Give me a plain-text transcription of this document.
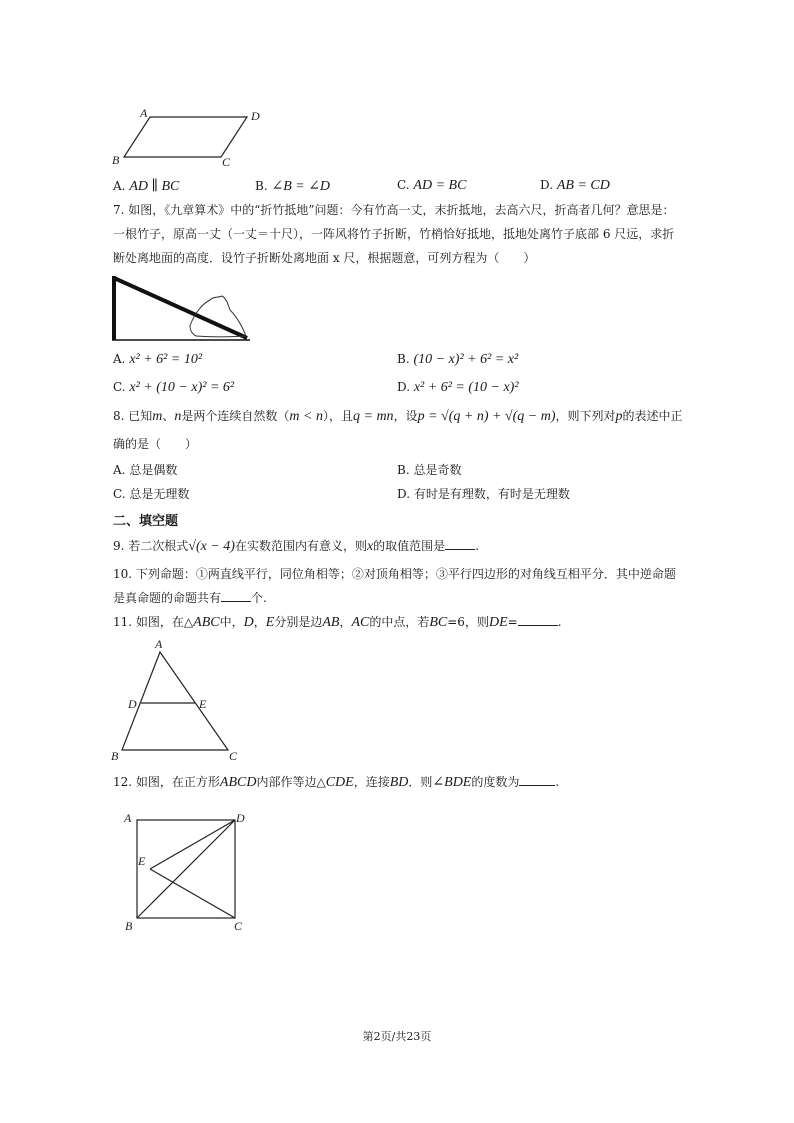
A	D
B	C
A. AD ∥ BC	B. ∠B = ∠D	C. AD = BC	D. AB = CD
7. 如图，《九章算术》中的“折竹抵地”问题：今有竹高一丈，末折抵地，去高六尺，折高者几何？意思是：
一根竹子，原高一丈（一丈＝十尺），一阵风将竹子折断，竹梢恰好抵地，抵地处离竹子底部 6 尺远，求折
断处离地面的高度．设竹子折断处离地面 x 尺，根据题意，可列方程为（　　）
A. x² + 6² = 10²	B. (10 − x)² + 6² = x²
C. x² + (10 − x)² = 6²	D. x² + 6² = (10 − x)²
8. 已知m、n是两个连续自然数（m < n），且q = mn，设p = √(q + n) + √(q − m)，则下列对p的表述中正
确的是（　　）
A. 总是偶数	B. 总是奇数
C. 总是无理数	D. 有时是有理数，有时是无理数
二、填空题
9. 若二次根式√(x − 4)在实数范围内有意义，则x的取值范围是	.
10. 下列命题：①两直线平行，同位角相等；②对顶角相等；③平行四边形的对角线互相平分．其中逆命题
是真命题的命题共有	个.
11. 如图，在△ABC中，D，E分别是边AB，AC的中点，若BC=6，则DE=	.
A
D	E
B	C
12. 如图，在正方形ABCD内部作等边△CDE，连接BD．则∠BDE的度数为	.
A	D
E
B	C
第2页/共23页
